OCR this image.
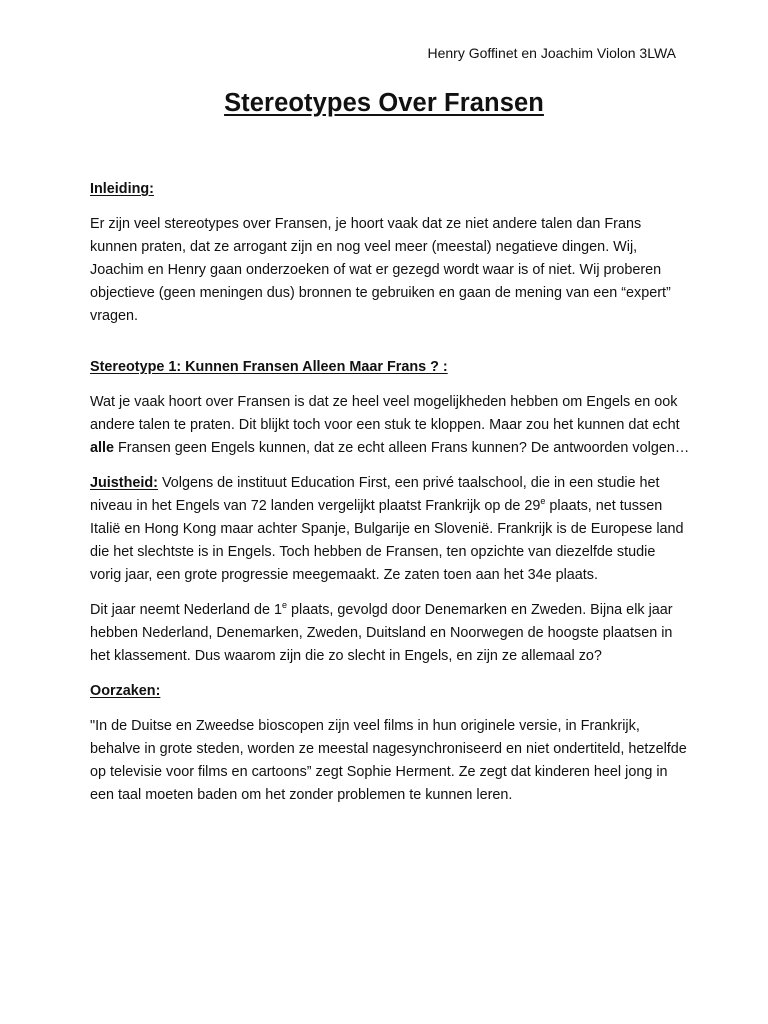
Henry Goffinet en Joachim Violon 3LWA
Stereotypes Over Fransen

Inleiding:

Er zijn veel stereotypes over Fransen, je hoort vaak dat ze niet andere talen dan Frans kunnen praten, dat ze arrogant zijn en nog veel meer (meestal) negatieve dingen. Wij, Joachim en Henry gaan onderzoeken of wat er gezegd wordt waar is of niet. Wij proberen objectieve (geen meningen dus) bronnen te gebruiken en gaan de mening van een “expert” vragen.

Stereotype 1: Kunnen Fransen Alleen Maar Frans ? :

Wat je vaak hoort over Fransen is dat ze heel veel mogelijkheden hebben om Engels en ook andere talen te praten. Dit blijkt toch voor een stuk te kloppen. Maar zou het kunnen dat echt alle Fransen geen Engels kunnen, dat ze echt alleen Frans kunnen? De antwoorden volgen…

Juistheid: Volgens de instituut Education First, een privé taalschool, die in een studie het niveau in het Engels van 72 landen vergelijkt plaatst Frankrijk op de 29e plaats, net tussen Italië en Hong Kong maar achter Spanje, Bulgarije en Slovenië. Frankrijk is de Europese land die het slechtste is in Engels. Toch hebben de Fransen, ten opzichte van diezelfde studie vorig jaar, een grote progressie meegemaakt. Ze zaten toen aan het 34e plaats.

Dit jaar neemt Nederland de 1e plaats, gevolgd door Denemarken en Zweden. Bijna elk jaar hebben Nederland, Denemarken, Zweden, Duitsland en Noorwegen de hoogste plaatsen in het klassement. Dus waarom zijn die zo slecht in Engels, en zijn ze allemaal zo?

Oorzaken:

"In de Duitse en Zweedse bioscopen zijn veel films in hun originele versie, in Frankrijk, behalve in grote steden, worden ze meestal nagesynchroniseerd en niet ondertiteld, hetzelfde op televisie voor films en cartoons” zegt Sophie Herment. Ze zegt dat kinderen heel jong in een taal moeten baden om het zonder problemen te kunnen leren.
